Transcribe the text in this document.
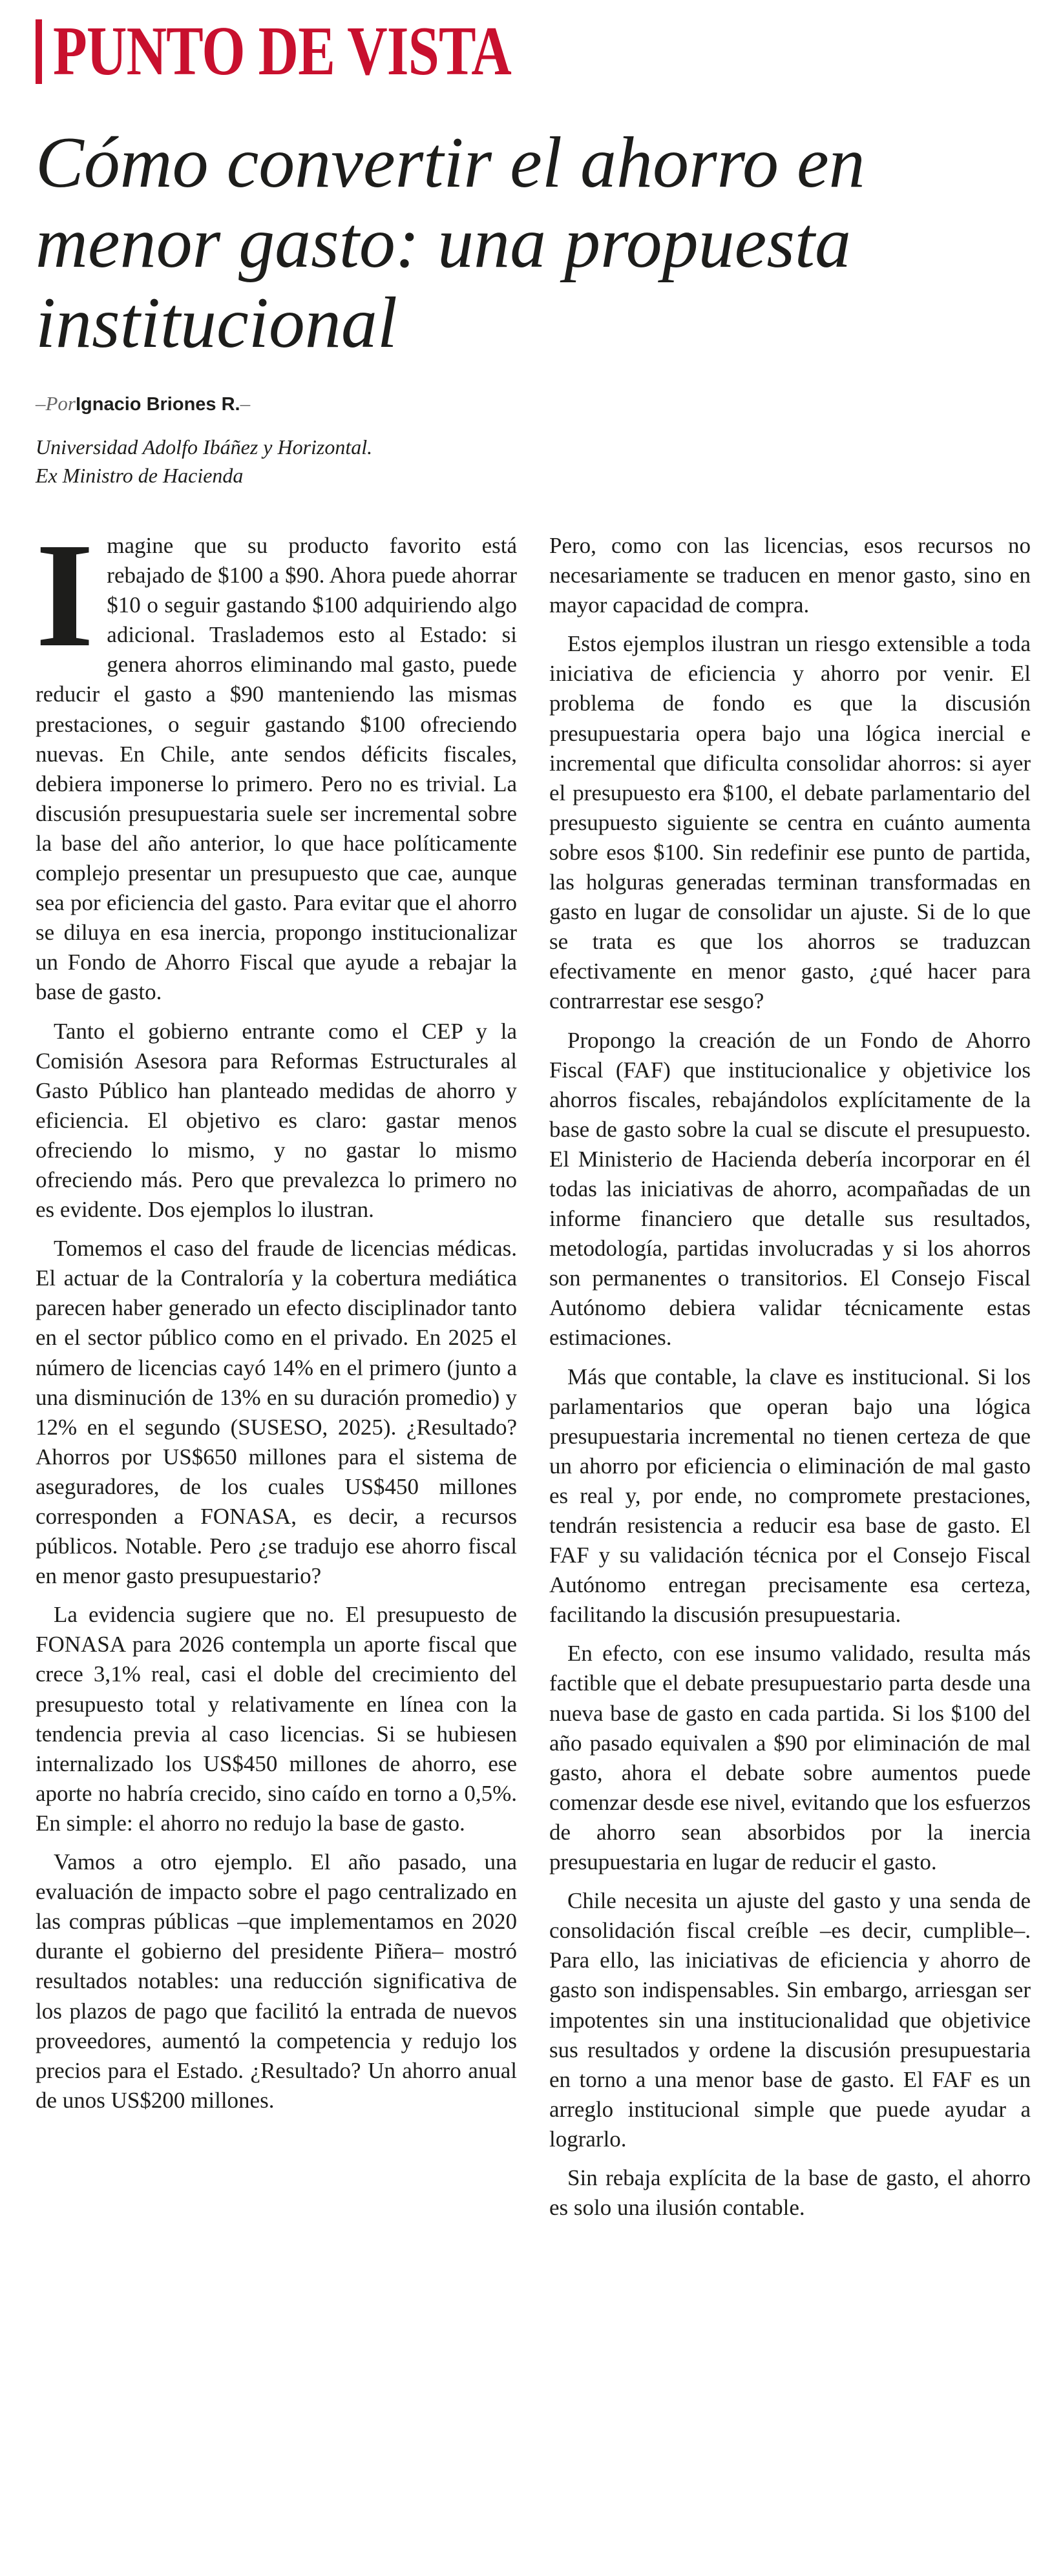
PUNTO DE VISTA
Cómo convertir el ahorro en menor gasto: una propuesta institucional
–PorIgnacio Briones R.–
Universidad Adolfo Ibáñez y Horizontal.
Ex Ministro de Hacienda

Imagine que su producto favorito está rebajado de $100 a $90. Ahora puede ahorrar $10 o seguir gastando $100 adquiriendo algo adicional. Traslademos esto al Estado: si genera ahorros eliminando mal gasto, puede reducir el gasto a $90 manteniendo las mismas prestaciones, o seguir gastando $100 ofreciendo nuevas. En Chile, ante sendos déficits fiscales, debiera imponerse lo primero. Pero no es trivial. La discusión presupuestaria suele ser incremental sobre la base del año anterior, lo que hace políticamente complejo presentar un presupuesto que cae, aunque sea por eficiencia del gasto. Para evitar que el ahorro se diluya en esa inercia, propongo institucionalizar un Fondo de Ahorro Fiscal que ayude a rebajar la base de gasto.

Tanto el gobierno entrante como el CEP y la Comisión Asesora para Reformas Estructurales al Gasto Público han planteado medidas de ahorro y eficiencia. El objetivo es claro: gastar menos ofreciendo lo mismo, y no gastar lo mismo ofreciendo más. Pero que prevalezca lo primero no es evidente. Dos ejemplos lo ilustran.

Tomemos el caso del fraude de licencias médicas. El actuar de la Contraloría y la cobertura mediática parecen haber generado un efecto disciplinador tanto en el sector público como en el privado. En 2025 el número de licencias cayó 14% en el primero (junto a una disminución de 13% en su duración promedio) y 12% en el segundo (SUSESO, 2025). ¿Resultado? Ahorros por US$650 millones para el sistema de aseguradores, de los cuales US$450 millones corresponden a FONASA, es decir, a recursos públicos. Notable. Pero ¿se tradujo ese ahorro fiscal en menor gasto presupuestario?

La evidencia sugiere que no. El presupuesto de FONASA para 2026 contempla un aporte fiscal que crece 3,1% real, casi el doble del crecimiento del presupuesto total y relativamente en línea con la tendencia previa al caso licencias. Si se hubiesen internalizado los US$450 millones de ahorro, ese aporte no habría crecido, sino caído en torno a 0,5%. En simple: el ahorro no redujo la base de gasto.

Vamos a otro ejemplo. El año pasado, una evaluación de impacto sobre el pago centralizado en las compras públicas –que implementamos en 2020 durante el gobierno del presidente Piñera– mostró resultados notables: una reducción significativa de los plazos de pago que facilitó la entrada de nuevos proveedores, aumentó la competencia y redujo los precios para el Estado. ¿Resultado? Un ahorro anual de unos US$200 millones.

Pero, como con las licencias, esos recursos no necesariamente se traducen en menor gasto, sino en mayor capacidad de compra.

Estos ejemplos ilustran un riesgo extensible a toda iniciativa de eficiencia y ahorro por venir. El problema de fondo es que la discusión presupuestaria opera bajo una lógica inercial e incremental que dificulta consolidar ahorros: si ayer el presupuesto era $100, el debate parlamentario del presupuesto siguiente se centra en cuánto aumenta sobre esos $100. Sin redefinir ese punto de partida, las holguras generadas terminan transformadas en gasto en lugar de consolidar un ajuste. Si de lo que se trata es que los ahorros se traduzcan efectivamente en menor gasto, ¿qué hacer para contrarrestar ese sesgo?

Propongo la creación de un Fondo de Ahorro Fiscal (FAF) que institucionalice y objetivice los ahorros fiscales, rebajándolos explícitamente de la base de gasto sobre la cual se discute el presupuesto. El Ministerio de Hacienda debería incorporar en él todas las iniciativas de ahorro, acompañadas de un informe financiero que detalle sus resultados, metodología, partidas involucradas y si los ahorros son permanentes o transitorios. El Consejo Fiscal Autónomo debiera validar técnicamente estas estimaciones.

Más que contable, la clave es institucional. Si los parlamentarios que operan bajo una lógica presupuestaria incremental no tienen certeza de que un ahorro por eficiencia o eliminación de mal gasto es real y, por ende, no compromete prestaciones, tendrán resistencia a reducir esa base de gasto. El FAF y su validación técnica por el Consejo Fiscal Autónomo entregan precisamente esa certeza, facilitando la discusión presupuestaria.

En efecto, con ese insumo validado, resulta más factible que el debate presupuestario parta desde una nueva base de gasto en cada partida. Si los $100 del año pasado equivalen a $90 por eliminación de mal gasto, ahora el debate sobre aumentos puede comenzar desde ese nivel, evitando que los esfuerzos de ahorro sean absorbidos por la inercia presupuestaria en lugar de reducir el gasto.

Chile necesita un ajuste del gasto y una senda de consolidación fiscal creíble –es decir, cumplible–. Para ello, las iniciativas de eficiencia y ahorro de gasto son indispensables. Sin embargo, arriesgan ser impotentes sin una institucionalidad que objetivice sus resultados y ordene la discusión presupuestaria en torno a una menor base de gasto. El FAF es un arreglo institucional simple que puede ayudar a lograrlo.

Sin rebaja explícita de la base de gasto, el ahorro es solo una ilusión contable.
